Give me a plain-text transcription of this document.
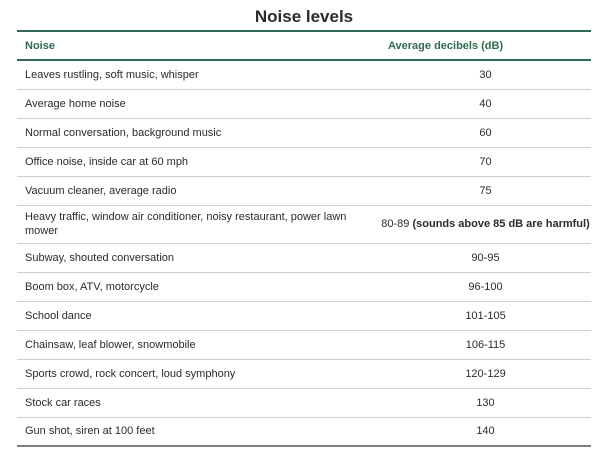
Noise levels
Noise	Average decibels (dB)
Leaves rustling, soft music, whisper	30
Average home noise	40
Normal conversation, background music	60
Office noise, inside car at 60 mph	70
Vacuum cleaner, average radio	75
Heavy traffic, window air conditioner, noisy restaurant, power lawn mower	80-89 (sounds above 85 dB are harmful)
Subway, shouted conversation	90-95
Boom box, ATV, motorcycle	96-100
School dance	101-105
Chainsaw, leaf blower, snowmobile	106-115
Sports crowd, rock concert, loud symphony	120-129
Stock car races	130
Gun shot, siren at 100 feet	140
